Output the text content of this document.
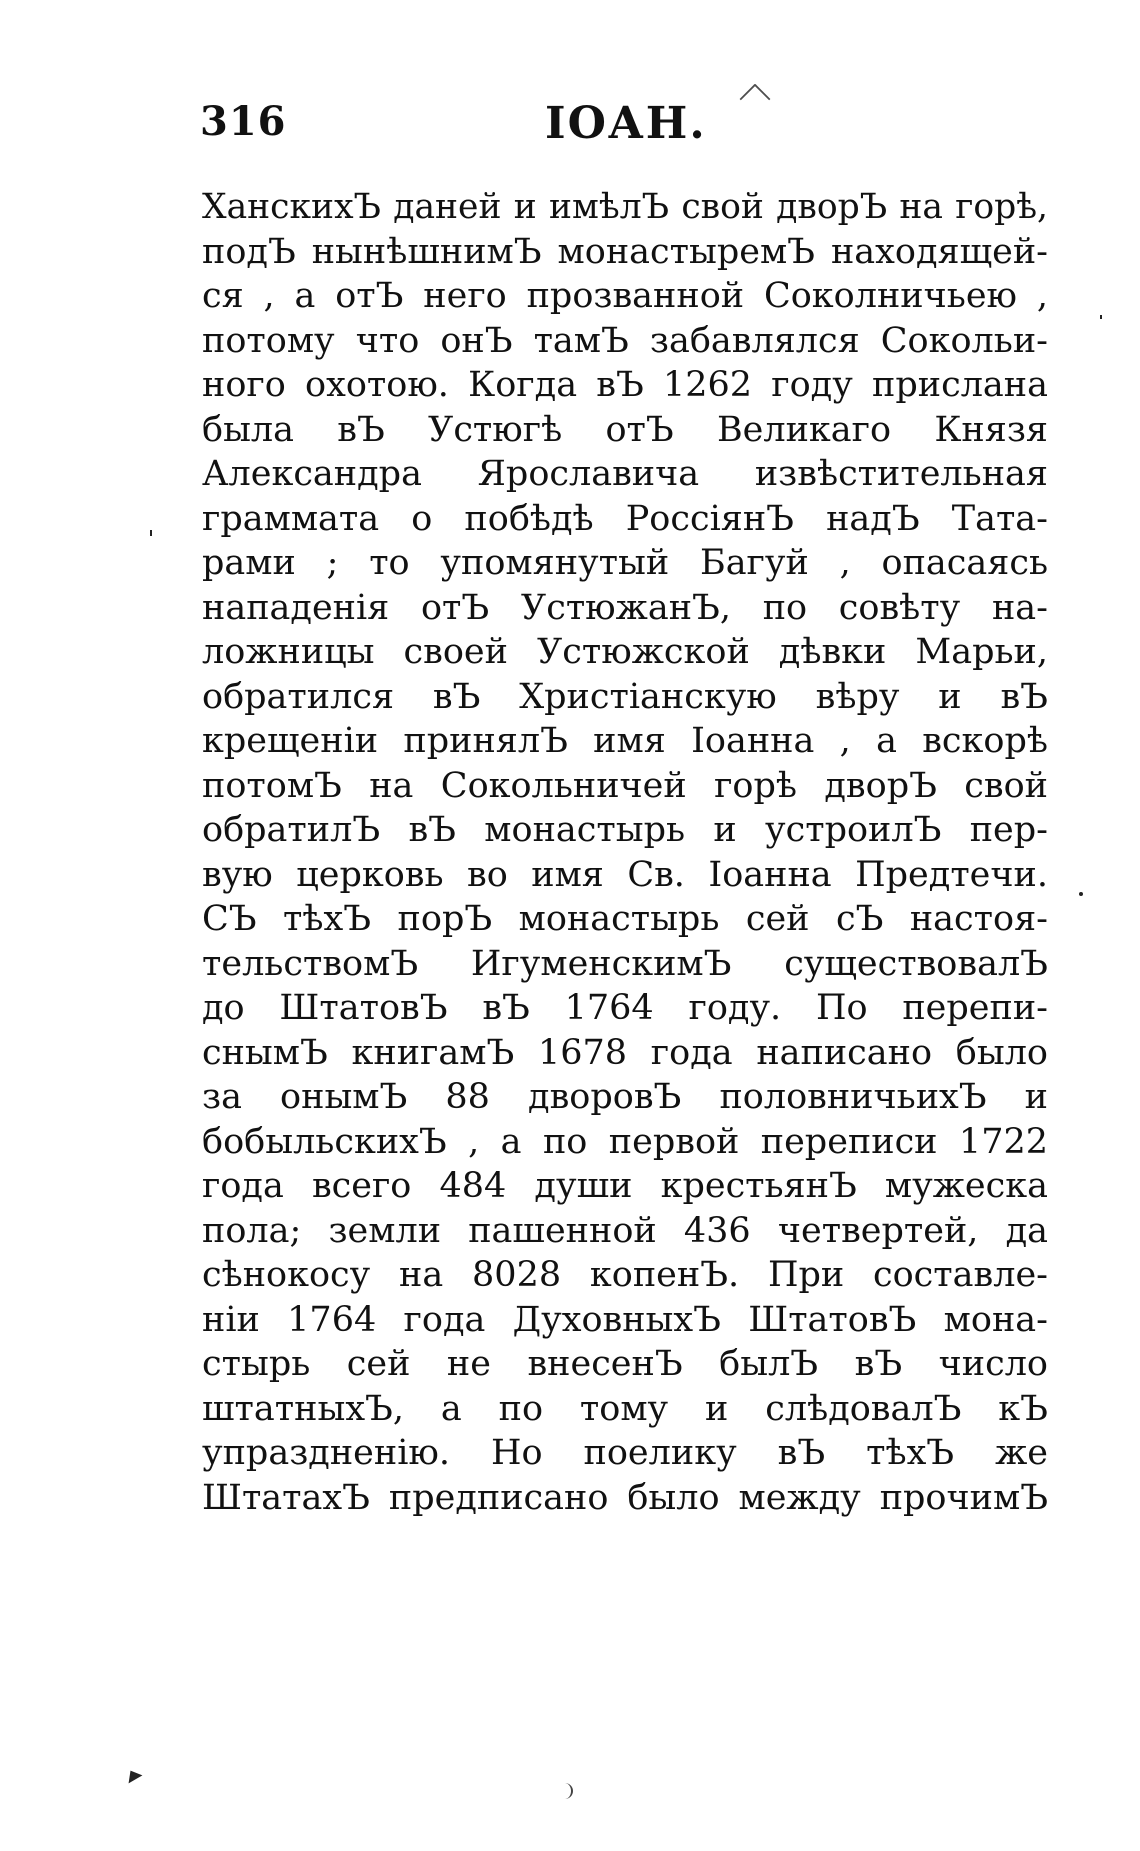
316	ІОАН.
ХанскихЪ даней и имѣлЪ свой дворЪ на горѣ,
подЪ нынѣшнимЪ монастыремЪ находящей-
ся , а отЪ него прозванной Соколничьею ,
потому что онЪ тамЪ забавлялся Сокольи-
ного охотою. Когда вЪ 1262 году прислана
была вЪ Устюгѣ отЪ Великаго Князя
Александра Ярославича извѣстительная
граммата о побѣдѣ РоссіянЪ надЪ Тата-
рами ; то упомянутый Багуй , опасаясь
нападенія отЪ УстюжанЪ, по совѣту на-
ложницы своей Устюжской дѣвки Марьи,
обратился вЪ Христіанскую вѣру и вЪ
крещеніи принялЪ имя Іоанна , а вскорѣ
потомЪ на Сокольничей горѣ дворЪ свой
обратилЪ вЪ монастырь и устроилЪ пер-
вую церковь во имя Св. Іоанна Предтечи.
СЪ тѣхЪ порЪ монастырь сей сЪ настоя-
тельствомЪ ИгуменскимЪ существовалЪ
до ШтатовЪ вЪ 1764 году. По перепи-
снымЪ книгамЪ 1678 года написано было
за онымЪ 88 дворовЪ половничьихЪ и
бобыльскихЪ , а по первой переписи 1722
года всего 484 души крестьянЪ мужеска
пола; земли пашенной 436 четвертей, да
сѣнокосу на 8028 копенЪ. При составле-
ніи 1764 года ДуховныхЪ ШтатовЪ мона-
стырь сей не внесенЪ былЪ вЪ число
штатныхЪ, а по тому и слѣдовалЪ кЪ
упраздненію. Но поелику вЪ тѣхЪ же
ШтатахЪ предписано было между прочимЪ
